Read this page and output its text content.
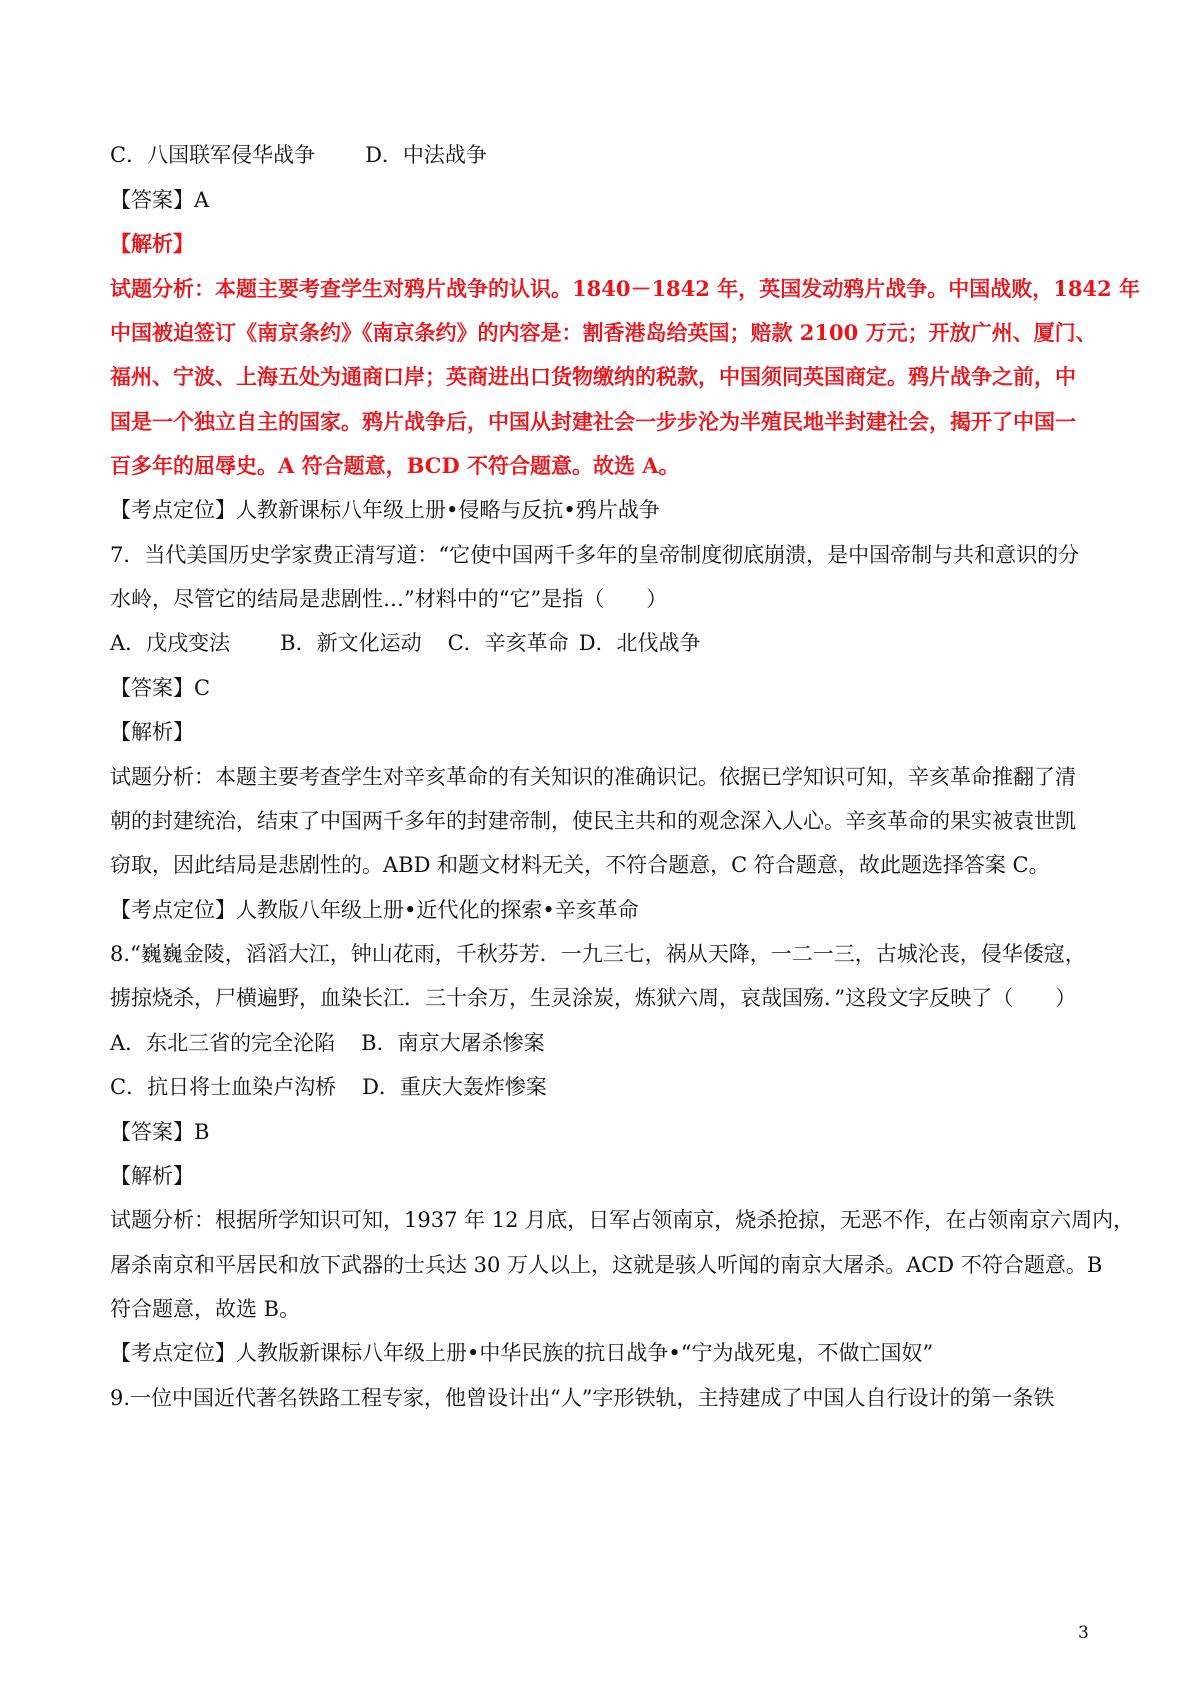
C．八国联军侵华战争 D．中法战争
【答案】A
【解析】
试题分析：本题主要考查学生对鸦片战争的认识。1840－1842 年，英国发动鸦片战争。中国战败，1842 年
中国被迫签订《南京条约》《南京条约》的内容是：割香港岛给英国；赔款 2100 万元；开放广州、厦门、
福州、宁波、上海五处为通商口岸；英商进出口货物缴纳的税款，中国须同英国商定。鸦片战争之前，中
国是一个独立自主的国家。鸦片战争后，中国从封建社会一步步沦为半殖民地半封建社会，揭开了中国一
百多年的屈辱史。A 符合题意，BCD 不符合题意。故选 A。
【考点定位】人教新课标八年级上册•侵略与反抗•鸦片战争
7．当代美国历史学家费正清写道：“它使中国两千多年的皇帝制度彻底崩溃，是中国帝制与共和意识的分
水岭，尽管它的结局是悲剧性…”材料中的“它”是指（　　）
A．戊戌变法 B．新文化运动 C．辛亥革命 D．北伐战争
【答案】C
【解析】
试题分析：本题主要考查学生对辛亥革命的有关知识的准确识记。依据已学知识可知，辛亥革命推翻了清
朝的封建统治，结束了中国两千多年的封建帝制，使民主共和的观念深入人心。辛亥革命的果实被袁世凯
窃取，因此结局是悲剧性的。ABD 和题文材料无关，不符合题意，C 符合题意，故此题选择答案 C。
【考点定位】人教版八年级上册•近代化的探索•辛亥革命
8.“巍巍金陵，滔滔大江，钟山花雨，千秋芬芳．一九三七，祸从天降，一二一三，古城沦丧，侵华倭寇，
掳掠烧杀，尸横遍野，血染长江．三十余万，生灵涂炭，炼狱六周，哀哉国殇．”这段文字反映了（　　）
A．东北三省的完全沦陷 B．南京大屠杀惨案
C．抗日将士血染卢沟桥 D．重庆大轰炸惨案
【答案】B
【解析】
试题分析：根据所学知识可知，1937 年 12 月底，日军占领南京，烧杀抢掠，无恶不作，在占领南京六周内，
屠杀南京和平居民和放下武器的士兵达 30 万人以上，这就是骇人听闻的南京大屠杀。ACD 不符合题意。B
符合题意，故选 B。
【考点定位】人教版新课标八年级上册•中华民族的抗日战争•“宁为战死鬼，不做亡国奴”
9.一位中国近代著名铁路工程专家，他曾设计出“人”字形铁轨，主持建成了中国人自行设计的第一条铁
3
